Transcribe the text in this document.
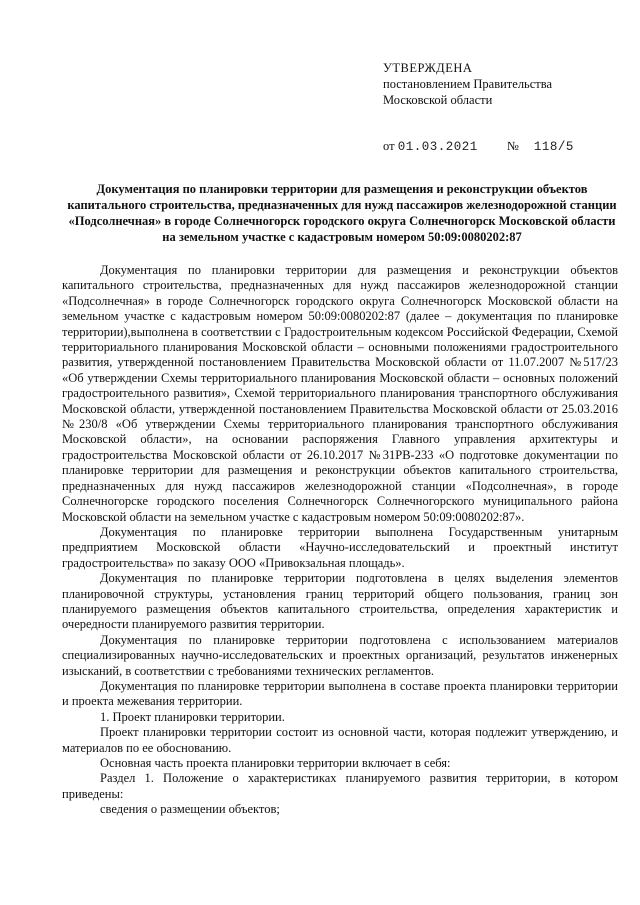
УТВЕРЖДЕНА
постановлением Правительства
Московской области
от 01.03.2021 № 118/5
Документация по планировки территории для размещения и реконструкции объектов капитального строительства, предназначенных для нужд пассажиров железнодорожной станции «Подсолнечная» в городе Солнечногорск городского округа Солнечногорск Московской области на земельном участке с кадастровым номером 50:09:0080202:87

Документация по планировки территории для размещения и реконструкции объектов капитального строительства, предназначенных для нужд пассажиров железнодорожной станции «Подсолнечная» в городе Солнечногорск городского округа Солнечногорск Московской области на земельном участке с кадастровым номером 50:09:0080202:87 (далее – документация по планировке территории),выполнена в соответствии с Градостроительным кодексом Российской Федерации, Схемой территориального планирования Московской области – основными положениями градостроительного развития, утвержденной постановлением Правительства Московской области от 11.07.2007 №517/23 «Об утверждении Схемы территориального планирования Московской области – основных положений градостроительного развития», Схемой территориального планирования транспортного обслуживания Московской области, утвержденной постановлением Правительства Московской области от 25.03.2016 №230/8 «Об утверждении Схемы территориального планирования транспортного обслуживания Московской области», на основании распоряжения Главного управления архитектуры и градостроительства Московской области от 26.10.2017 №31РВ-233 «О подготовке документации по планировке территории для размещения и реконструкции объектов капитального строительства, предназначенных для нужд пассажиров железнодорожной станции «Подсолнечная», в городе Солнечногорске городского поселения Солнечногорск Солнечногорского муниципального района Московской области на земельном участке с кадастровым номером 50:09:0080202:87».

Документация по планировке территории выполнена Государственным унитарным предприятием Московской области «Научно-исследовательский и проектный институт градостроительства» по заказу ООО «Привокзальная площадь».

Документация по планировке территории подготовлена в целях выделения элементов планировочной структуры, установления границ территорий общего пользования, границ зон планируемого размещения объектов капитального строительства, определения характеристик и очередности планируемого развития территории.

Документация по планировке территории подготовлена с использованием материалов специализированных научно-исследовательских и проектных организаций, результатов инженерных изысканий, в соответствии с требованиями технических регламентов.

Документация по планировке территории выполнена в составе проекта планировки территории и проекта межевания территории.

1. Проект планировки территории.

Проект планировки территории состоит из основной части, которая подлежит утверждению, и материалов по ее обоснованию.

Основная часть проекта планировки территории включает в себя:

Раздел 1. Положение о характеристиках планируемого развития территории, в котором приведены:

сведения о размещении объектов;
